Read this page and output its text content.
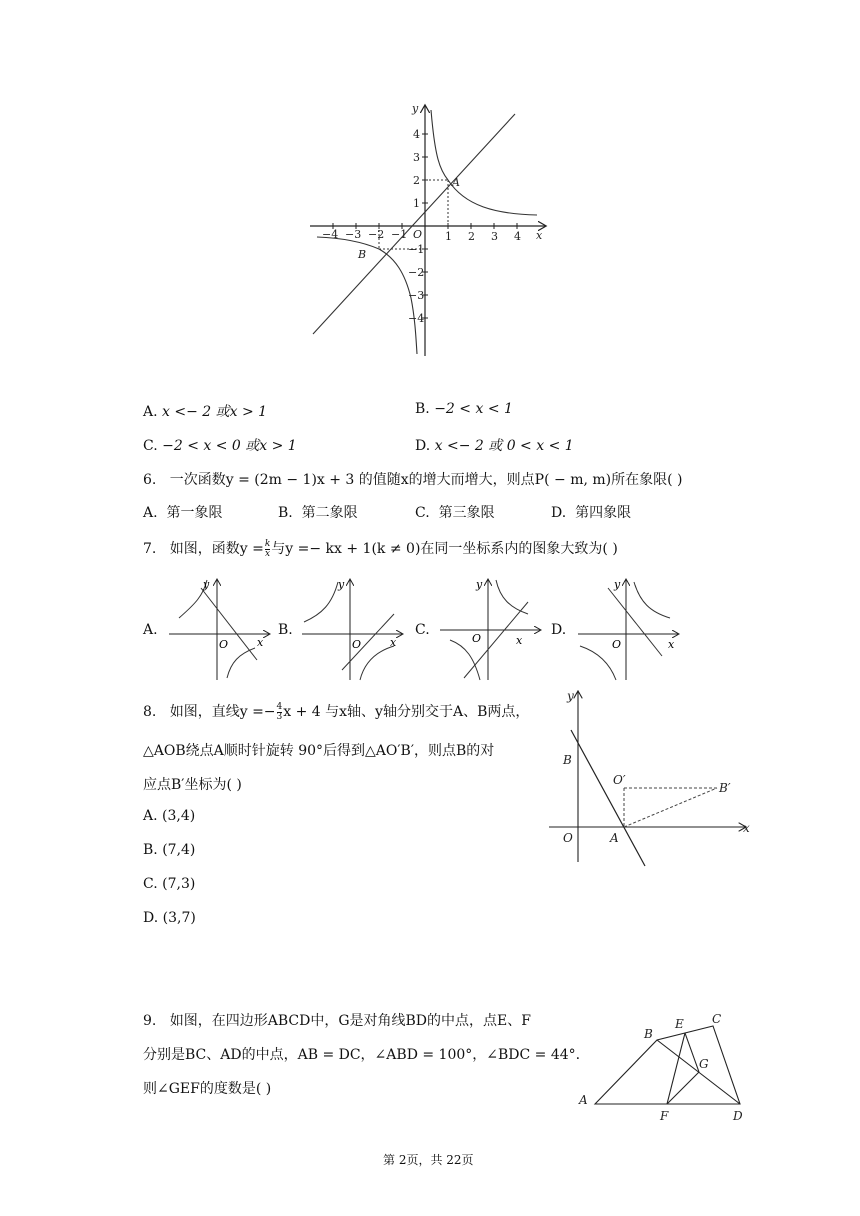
y
x
O
A
B
−4 −3 −2 −1	1 2 3 4
4
3
2
1
−1
−2
−3
−4
A. x <− 2 或x > 1	B. −2 < x < 1
C. −2 < x < 0 或x > 1	D. x <− 2 或 0 < x < 1
6. 一次函数y = (2m − 1)x + 3 的值随x的增大而增大，则点P( − m, m)所在象限( )
A. 第一象限	B. 第二象限	C. 第三象限	D. 第四象限
7. 如图，函数$y = \frac{k}{x}$ 与y =− kx + 1(k ≠ 0)在同一坐标系内的图象大致为( )
A.
y
x
O
B.
y
x
O
C.
y
x
O
D.
y
x
O
8. 如图，直线$y =- \frac{4}{3}$ x + 4 与x轴、y轴分别交于A、B两点，
△AOB绕点A顺时针旋转 90°后得到△AO′B′，则点B的对
应点B′坐标为( )
A. (3,4)
B. (7,4)
C. (7,3)
D. (3,7)
y
x
O	A
B
O′
B′
9. 如图，在四边形ABCD中，G是对角线BD的中点，点E、F
分别是BC、AD的中点，AB = DC，∠ABD = 100°，∠BDC = 44°.
则∠GEF的度数是( )
A
B
C
D
E
F
G
第 2页，共 22页
